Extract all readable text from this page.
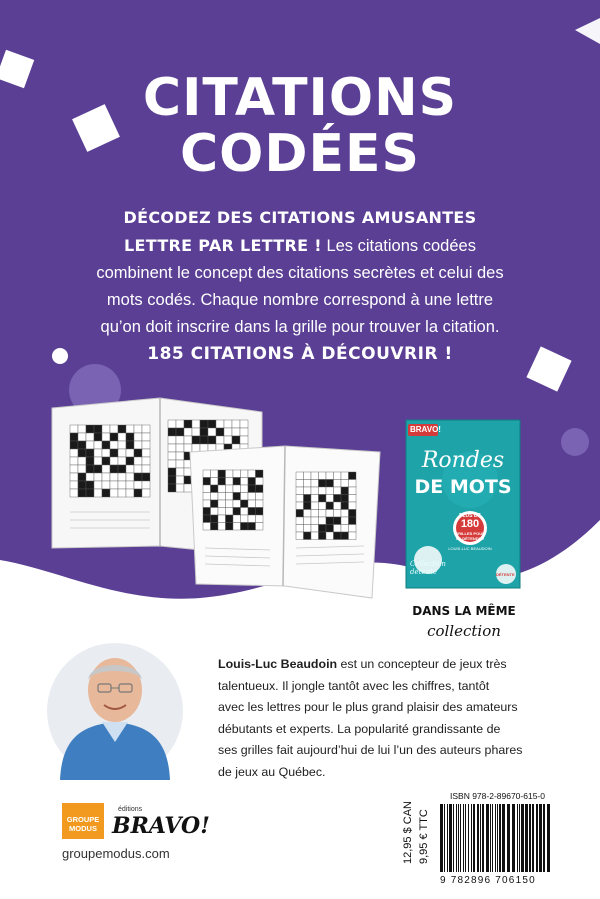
CITATIONS
CODÉES
DÉCODEZ DES CITATIONS AMUSANTES
LETTRE PAR LETTRE ! Les citations codées
combinent le concept des citations secrètes et celui des
mots codés. Chaque nombre correspond à une lettre
qu’on doit inscrire dans la grille pour trouver la citation.
185 CITATIONS À DÉCOUVRIR !
BRAVO!
Rondes
DE MOTS
PLUS DE
180
GRILLES POUR SE DÉTENDRE
LOUIS-LUC BEAUDOIN
Collection détente	DÉTENTE
DANS LA MÊME
collection
Louis-Luc Beaudoin est un concepteur de jeux très
talentueux. Il jongle tantôt avec les chiffres, tantôt
avec les lettres pour le plus grand plaisir des amateurs
débutants et experts. La popularité grandissante de
ses grilles fait aujourd’hui de lui l’un des auteurs phares
de jeux au Québec.
GROUPE
MODUS
éditions
BRAVO!
groupemodus.com	12,95 $ CAN 9,95 € TTC
ISBN 978-2-89670-615-0
9 782896 706150
